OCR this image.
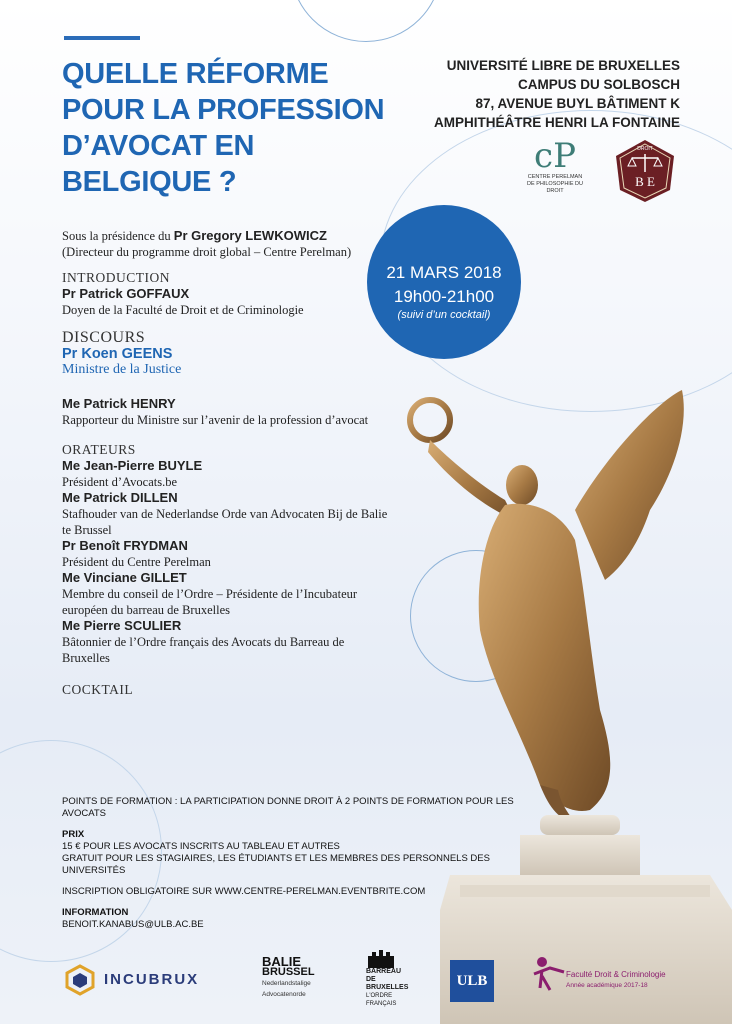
QUELLE RÉFORME
POUR LA PROFESSION
D’AVOCAT EN
BELGIQUE ?
UNIVERSITÉ LIBRE DE BRUXELLES
CAMPUS DU SOLBOSCH
87, AVENUE BUYL BÂTIMENT K
AMPHITHÉÂTRE HENRI LA FONTAINE
cP
CENTRE PERELMAN
DE PHILOSOPHIE DU DROIT
DROIT
B E
21 MARS 2018
19h00-21h00
(suivi d’un cocktail)
Sous la présidence du Pr Gregory LEWKOWICZ
(Directeur du programme droit global – Centre Perelman)
INTRODUCTION
Pr Patrick GOFFAUX
Doyen de la Faculté de Droit et de Criminologie
DISCOURS
Pr Koen GEENS
Ministre de la Justice
Me Patrick HENRY
Rapporteur du Ministre sur l’avenir de la profession d’avocat
ORATEURS
Me Jean-Pierre BUYLE
Président d’Avocats.be
Me Patrick DILLEN
Stafhouder van de Nederlandse Orde van Advocaten Bij de Balie te Brussel
Pr Benoît FRYDMAN
Président du Centre Perelman
Me Vinciane GILLET
Membre du conseil de l’Ordre – Présidente de l’Incubateur européen du barreau de Bruxelles
Me Pierre SCULIER
Bâtonnier de l’Ordre français des Avocats du Barreau de Bruxelles
COCKTAIL
POINTS DE FORMATION : LA PARTICIPATION DONNE DROIT À 2 POINTS DE FORMATION POUR LES AVOCATS
PRIX
15 € POUR LES AVOCATS INSCRITS AU TABLEAU ET AUTRES
GRATUIT POUR LES STAGIAIRES, LES ÉTUDIANTS ET LES MEMBRES DES PERSONNELS DES UNIVERSITÉS
INSCRIPTION OBLIGATOIRE SUR WWW.CENTRE-PERELMAN.EVENTBRITE.COM
INFORMATION
BENOIT.KANABUS@ULB.AC.BE
INCUBRUX
BALIE
BRUSSEL
Nederlandstalige
Advocatenorde
BARREAU
DE
BRUXELLES
L'ORDRE
FRANÇAIS
ULB	Faculté Droit & Criminologie
Année académique 2017-18
